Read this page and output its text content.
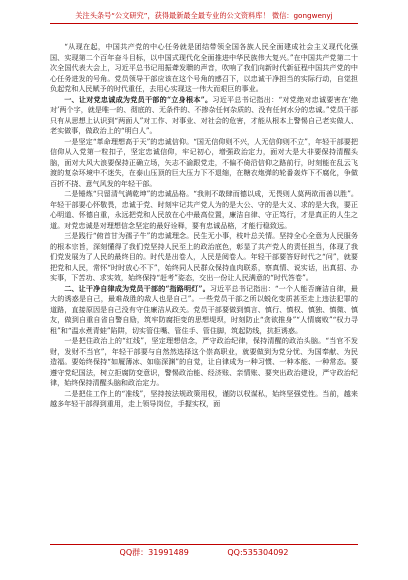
关注头条号“公文研究”，获得最新最全最专业的公文资料库！ 微信：gongwenyj

“从现在起，中国共产党的中心任务就是团结带领全国各族人民全面建成社会主义现代化强国、实现第二个百年奋斗目标，以中国式现代化全面推进中华民族伟大复兴。”在中国共产党第二十次全国代表大会上，习近平总书记用振聋发聩的声音，吹响了我们向新时代新征程中国共产党的中心任务进发的号角。党员领导干部应该在这个号角的感召下，以忠诚干净担当的实际行动，自觉担负起党和人民赋予的时代重任，去用心实现这一伟大而艰巨的事业。

一、让对党忠诚成为党员干部的“立身根本”。习近平总书记指出：“对党绝对忠诚要害在‘绝对’两个字，就是唯一的、彻底的、无条件的、不掺杂任何杂质的、没有任何水分的忠诚。”党员干部只有从思想上认识到“两面人”对工作、对事业、对社会的危害，才能从根本上警惕自己老实做人、老实做事，做政治上的“明白人”。

一是坚定“革命理想高于天”的忠诚信仰。“国无信仰则不兴，人无信仰则不立”，年轻干部要把信仰从入党第一粒扣子，坚定忠诚信仰，牢记初心，增强政治定力，面对大是大非要保持清醒头脑，面对大风大浪要保持正确立场，矢志不渝跟党走，不偏不倚沿信仰之路前行，时刻能在乱云飞渡的复杂环境中不迷失，在泰山压顶的巨大压力下不退缩，在糖衣炮弹的轮番轰炸下不腐化，争做百折不挠、意气风发的年轻干部。

二是锤炼“只留清气满乾坤”的忠诚品格。“我则不敢肆而德以成，无畏则人莫两欲而善以胜”。年轻干部要心怀敬畏，忠诚于党、时刻牢记共产党人为的是大公、守的是大义、求的是大我，要正心明道、怀德自重，永远把党和人民放在心中最高位置，廉洁自律、守正笃行，才是真正的人生之道。对党忠诚是对理想信念坚定的最好诠释，要有忠诚品格，才能行稳致远。

三是践行“俯首甘为孺子牛”的忠诚理念。民生无小事，枝叶总关情。坚持全心全意为人民服务的根本宗旨，深刻懂得了我们党坚持人民至上的政治底色，彰显了共产党人的责任担当，体现了我们党发展为了人民的最终目的。时代是出卷人，人民是阅卷人。年轻干部要答好时代之“问”，就要把党和人民，常怀“时时放心不下”，始终同人民群众保持血肉联系，察真情、说实话，出真招、办实事，下苦功、求实效，始终保持“赶考”姿态，交出一份让人民满意的“时代答卷”。

二、让干净自律成为党员干部的“指路明灯”。习近平总书记指出：“一个人能否廉洁自律，最大的诱惑是自己，最难战胜的敌人也是自己”。一些党员干部之所以蜕化变质甚至走上违法犯罪的道路，直接原因是自己没有守住廉洁从政关。党员干部要做到慎言、慎行、慎权、慎独、慎微、慎友，做到自重自省自警自励，筑牢防腐拒变的思想堤坝，时刻防止“贪欲推身”“人情腐败”“权力寻租”和“温水煮青蛙”陷阱，切实管住嘴、管住手、管住脚，筑起防线，抗拒诱惑。

一是把住政治上的“红线”，坚定理想信念，严守政治纪律，保持清醒的政治头脑。“当官不发财，发财不当官”，年轻干部要与自然然选择这个崇高职业，就要做到为党分忧、为国奉献、为民造福。要始终保持“如履薄冰、如临深渊”的自觉，让自律成为一种习惯、一种本能、一种常态。要遵守党纪国法，树立拒腐防变意识，警惕政治能、经济账、亲情账、要突出政治建设，严守政治纪律，始终保持清醒头脑和政治定力。

二是把住工作上的“准线”，坚持按法规政策用权，谨防以权谋私，始终坚强党性。当前，越来越多年轻干部得到重用，走上领导岗位，手握实权，面

QQ群：31991489	QQ:535304092
